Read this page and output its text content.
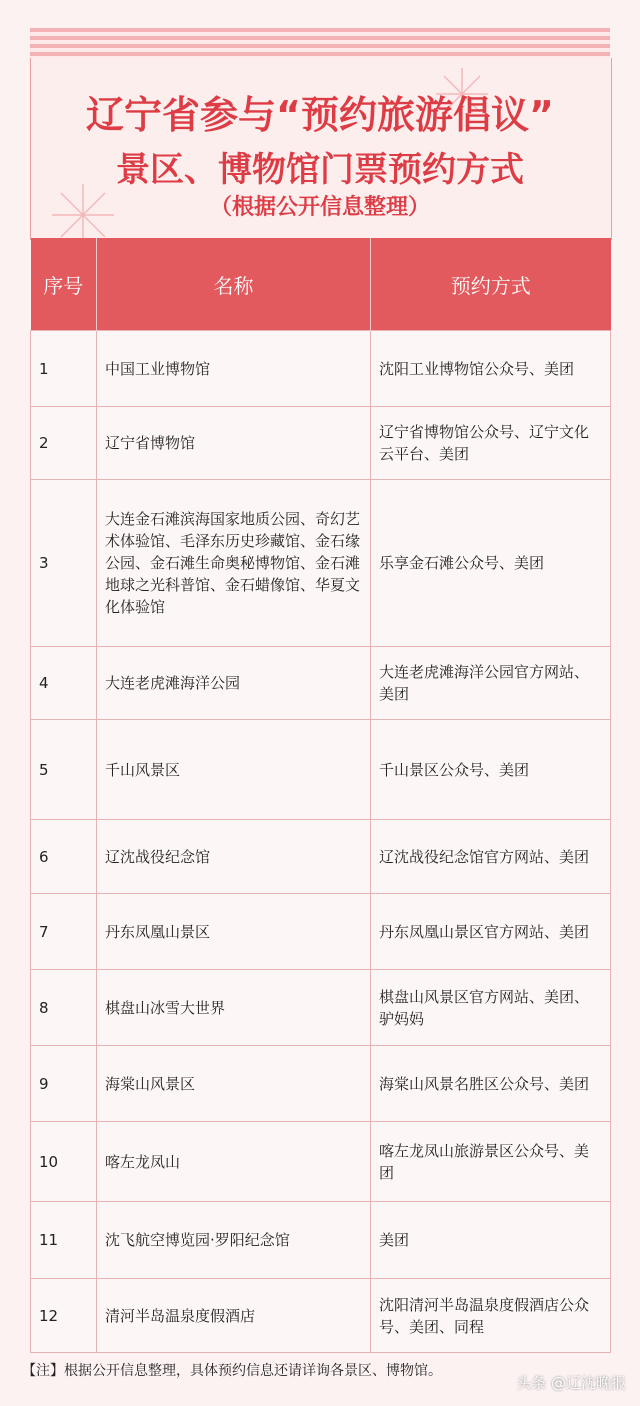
辽宁省参与“预约旅游倡议”
景区、博物馆门票预约方式
（根据公开信息整理）
序号	名称	预约方式
1	中国工业博物馆	沈阳工业博物馆公众号、美团
2	辽宁省博物馆	辽宁省博物馆公众号、辽宁文化云平台、美团
3	大连金石滩滨海国家地质公园、奇幻艺术体验馆、毛泽东历史珍藏馆、金石缘公园、金石滩生命奥秘博物馆、金石滩地球之光科普馆、金石蜡像馆、华夏文化体验馆	乐享金石滩公众号、美团
4	大连老虎滩海洋公园	大连老虎滩海洋公园官方网站、美团
5	千山风景区	千山景区公众号、美团
6	辽沈战役纪念馆	辽沈战役纪念馆官方网站、美团
7	丹东凤凰山景区	丹东凤凰山景区官方网站、美团
8	棋盘山冰雪大世界	棋盘山风景区官方网站、美团、驴妈妈
9	海棠山风景区	海棠山风景名胜区公众号、美团
10	喀左龙凤山	喀左龙凤山旅游景区公众号、美团
11	沈飞航空博览园·罗阳纪念馆	美团
12	清河半岛温泉度假酒店	沈阳清河半岛温泉度假酒店公众号、美团、同程
【注】根据公开信息整理，具体预约信息还请详询各景区、博物馆。
头条 @辽沈晚报
